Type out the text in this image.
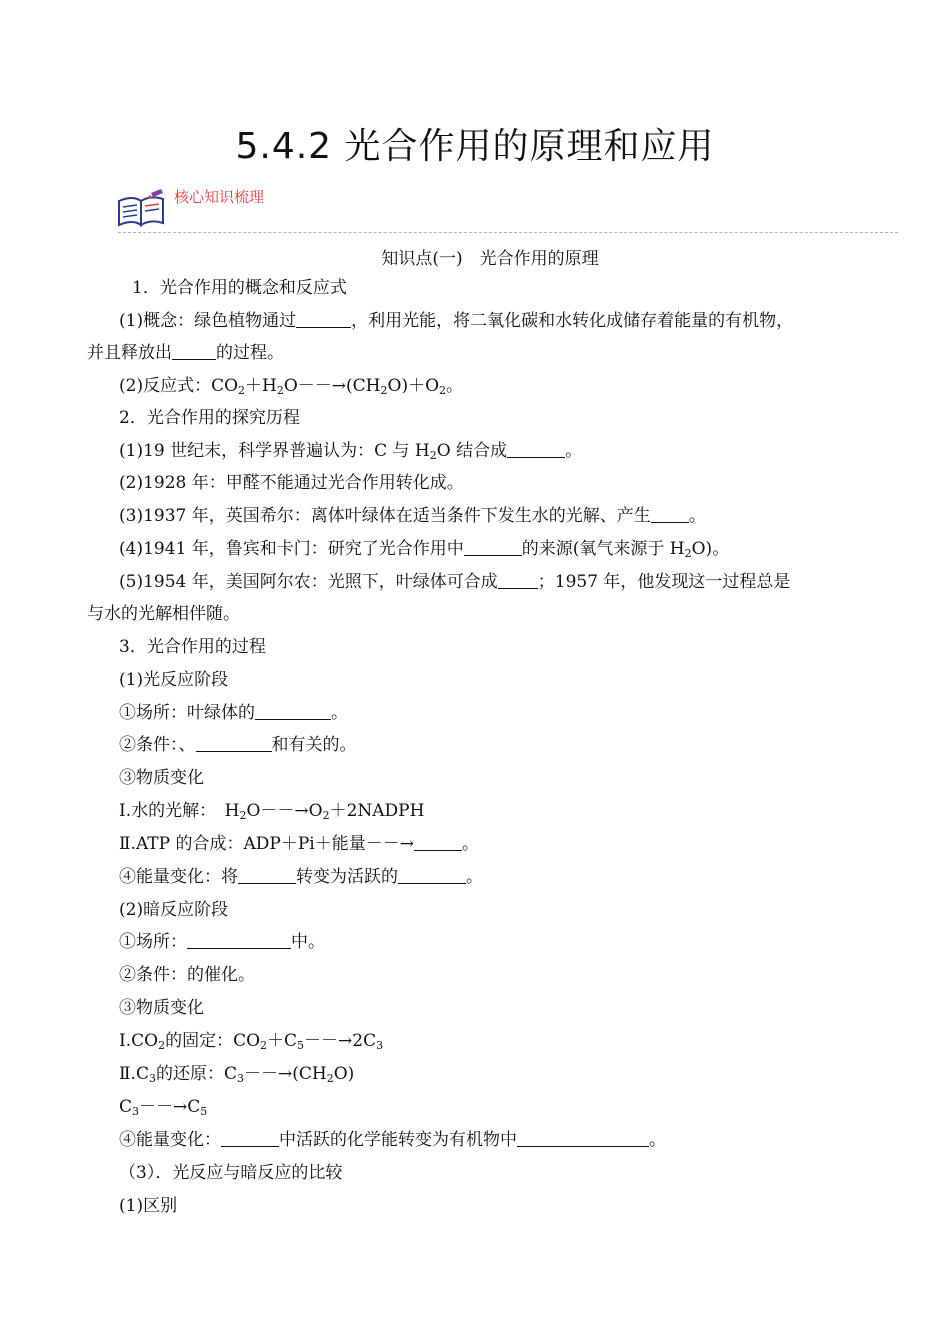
5.4.2 光合作用的原理和应用
核心知识梳理
知识点(一)　光合作用的原理
1．光合作用的概念和反应式
(1)概念：绿色植物通过	，利用光能，将二氧化碳和水转化成储存着能量的有机物，
并且释放出	的过程。
(2)反应式：$CO_2+H_2O--\to(CH_2O)+O_2$。
2．光合作用的探究历程
(1)19 世纪末，科学界普遍认为：C 与 $H_2O$ 结合成	。
(2)1928 年：甲醛不能通过光合作用转化成。
(3)1937 年，英国希尔：离体叶绿体在适当条件下发生水的光解、产生 。
(4)1941 年，鲁宾和卡门：研究了光合作用中	的来源(氧气来源于 $H_2O$)。
(5)1954 年，美国阿尔农：光照下，叶绿体可合成 ；1957 年，他发现这一过程总是
与水的光解相伴随。
3．光合作用的过程
(1)光反应阶段
①场所：叶绿体的	。
②条件：、	和有关的。
③物质变化
Ⅰ.水的光解：　$H_2O--\to O_2+2NADPH$
Ⅱ.ATP 的合成：ADP＋Pi＋能量－－→	。
④能量变化：将	转变为活跃的	。
(2)暗反应阶段
①场所：	中。
②条件：的催化。
③物质变化
$Ⅰ.CO_2$的固定：$CO_2+C_5--\to 2C_3$
$Ⅱ.C_3$的还原：$C_3--\to(CH_2O)$
$C_3--\to C_5$
④能量变化：	中活跃的化学能转变为有机物中	。
（3）．光反应与暗反应的比较
(1)区别
